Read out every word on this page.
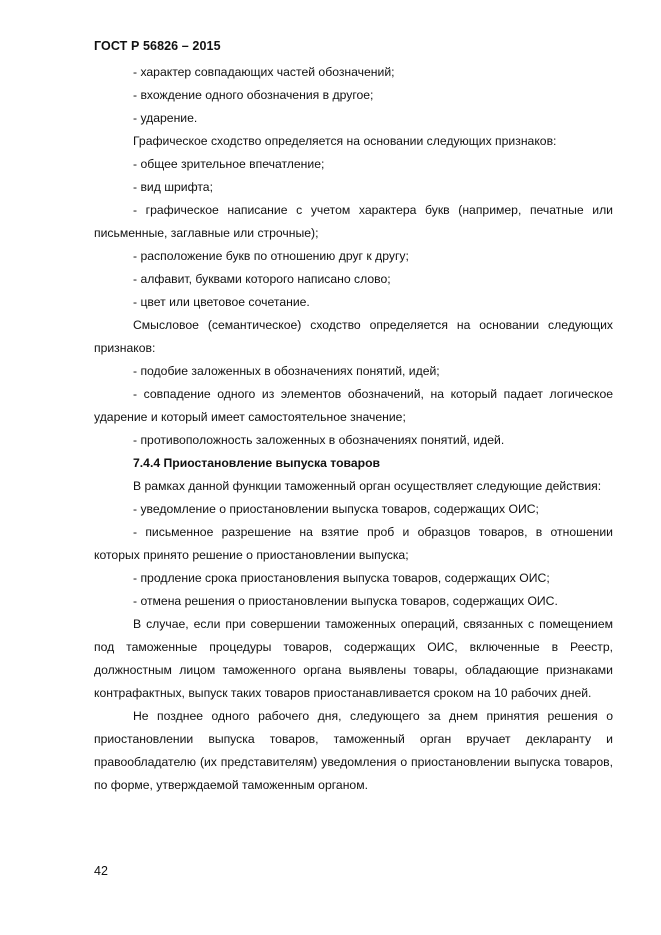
ГОСТ Р 56826 – 2015

- характер совпадающих частей обозначений;

- вхождение одного обозначения в другое;

- ударение.

Графическое сходство определяется на основании следующих признаков:

- общее зрительное впечатление;

- вид шрифта;

- графическое написание с учетом характера букв (например, печатные или письменные, заглавные или строчные);

- расположение букв по отношению друг к другу;

- алфавит, буквами которого написано слово;

- цвет или цветовое сочетание.

Смысловое (семантическое) сходство определяется на основании следующих признаков:

- подобие заложенных в обозначениях понятий, идей;

- совпадение одного из элементов обозначений, на который падает логическое ударение и который имеет самостоятельное значение;

- противоположность заложенных в обозначениях понятий, идей.

7.4.4 Приостановление выпуска товаров

В рамках данной функции таможенный орган осуществляет следующие действия:

- уведомление о приостановлении выпуска товаров, содержащих ОИС;

- письменное разрешение на взятие проб и образцов товаров, в отношении которых принято решение о приостановлении выпуска;

- продление срока приостановления выпуска товаров, содержащих ОИС;

- отмена решения о приостановлении выпуска товаров, содержащих ОИС.

В случае, если при совершении таможенных операций, связанных с помещением под таможенные процедуры товаров, содержащих ОИС, включенные в Реестр, должностным лицом таможенного органа выявлены товары, обладающие признаками контрафактных, выпуск таких товаров приостанавливается сроком на 10 рабочих дней.

Не позднее одного рабочего дня, следующего за днем принятия решения о приостановлении выпуска товаров, таможенный орган вручает декларанту и правообладателю (их представителям) уведомления о приостановлении выпуска товаров, по форме, утверждаемой таможенным органом.

42
